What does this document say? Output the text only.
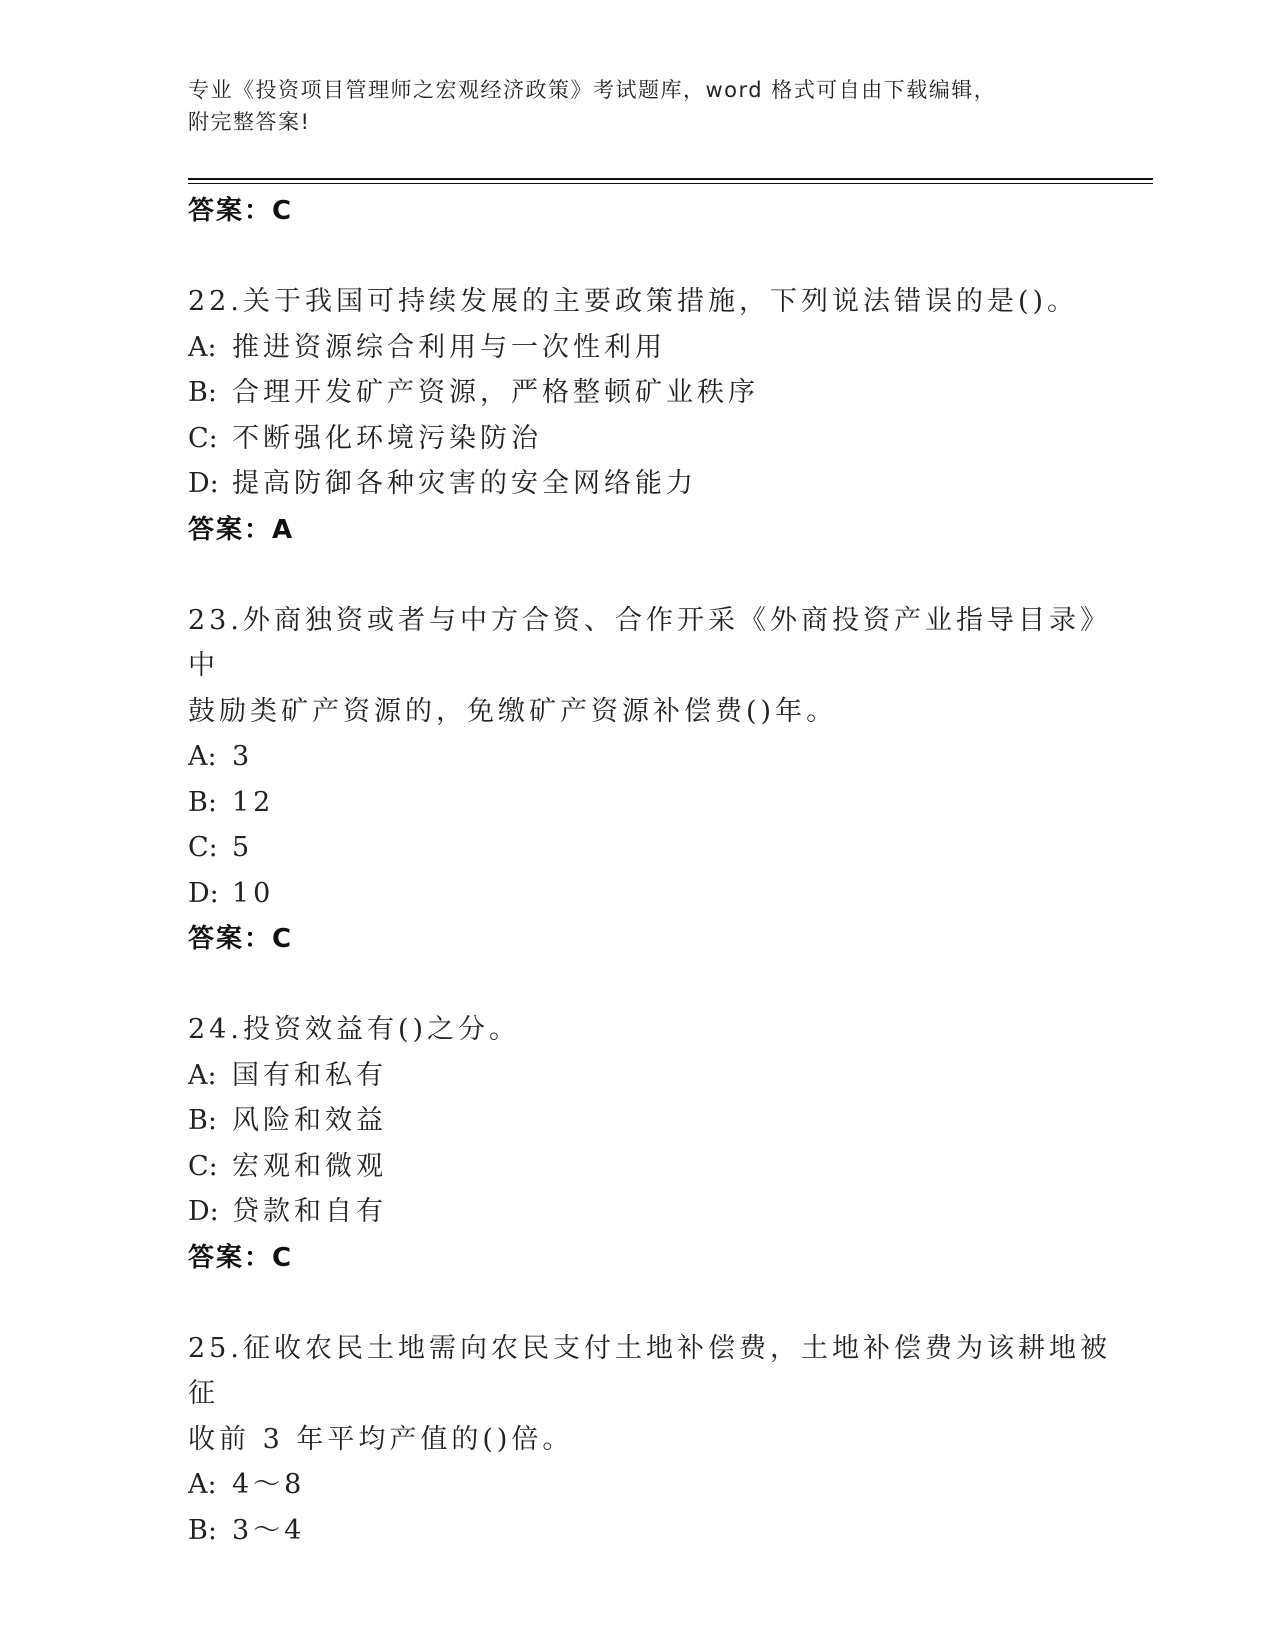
专业《投资项目管理师之宏观经济政策》考试题库，word 格式可自由下载编辑，
附完整答案!

答案：C

22.关于我国可持续发展的主要政策措施，下列说法错误的是()。

A: 推进资源综合利用与一次性利用

B: 合理开发矿产资源，严格整顿矿业秩序

C: 不断强化环境污染防治

D: 提高防御各种灾害的安全网络能力

答案：A

23.外商独资或者与中方合资、合作开采《外商投资产业指导目录》中

鼓励类矿产资源的，免缴矿产资源补偿费()年。

A: 3

B: 12

C: 5

D: 10

答案：C

24.投资效益有()之分。

A: 国有和私有

B: 风险和效益

C: 宏观和微观

D: 贷款和自有

答案：C

25.征收农民土地需向农民支付土地补偿费，土地补偿费为该耕地被征

收前 3 年平均产值的()倍。

A: 4～8

B: 3～4
